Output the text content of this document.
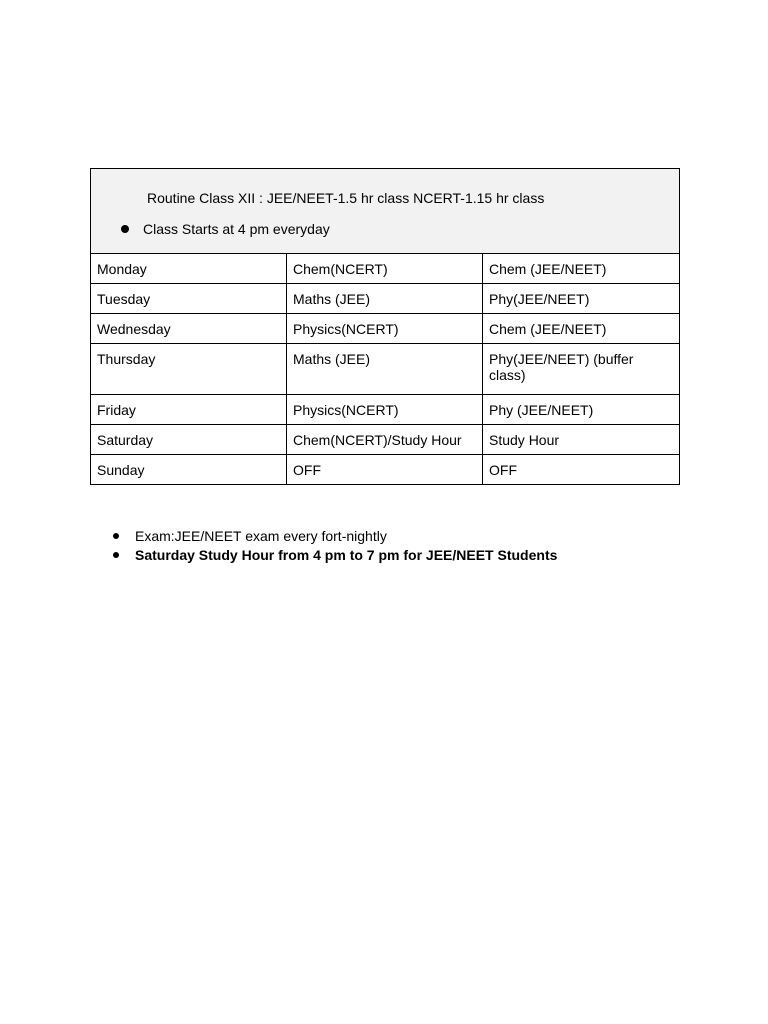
Routine Class XII : JEE/NEET-1.5 hr class NCERT-1.15 hr class
Class Starts at 4 pm everyday		

Monday	Chem(NCERT)	Chem (JEE/NEET)
Tuesday	Maths (JEE)	Phy(JEE/NEET)
Wednesday	Physics(NCERT)	Chem (JEE/NEET)
Thursday	Maths (JEE)	Phy(JEE/NEET) (buffer class)
Friday	Physics(NCERT)	Phy (JEE/NEET)
Saturday	Chem(NCERT)/Study Hour	Study Hour
Sunday	OFF	OFF
Exam:JEE/NEET exam every fort-nightly
Saturday Study Hour from 4 pm to 7 pm for JEE/NEET Students
